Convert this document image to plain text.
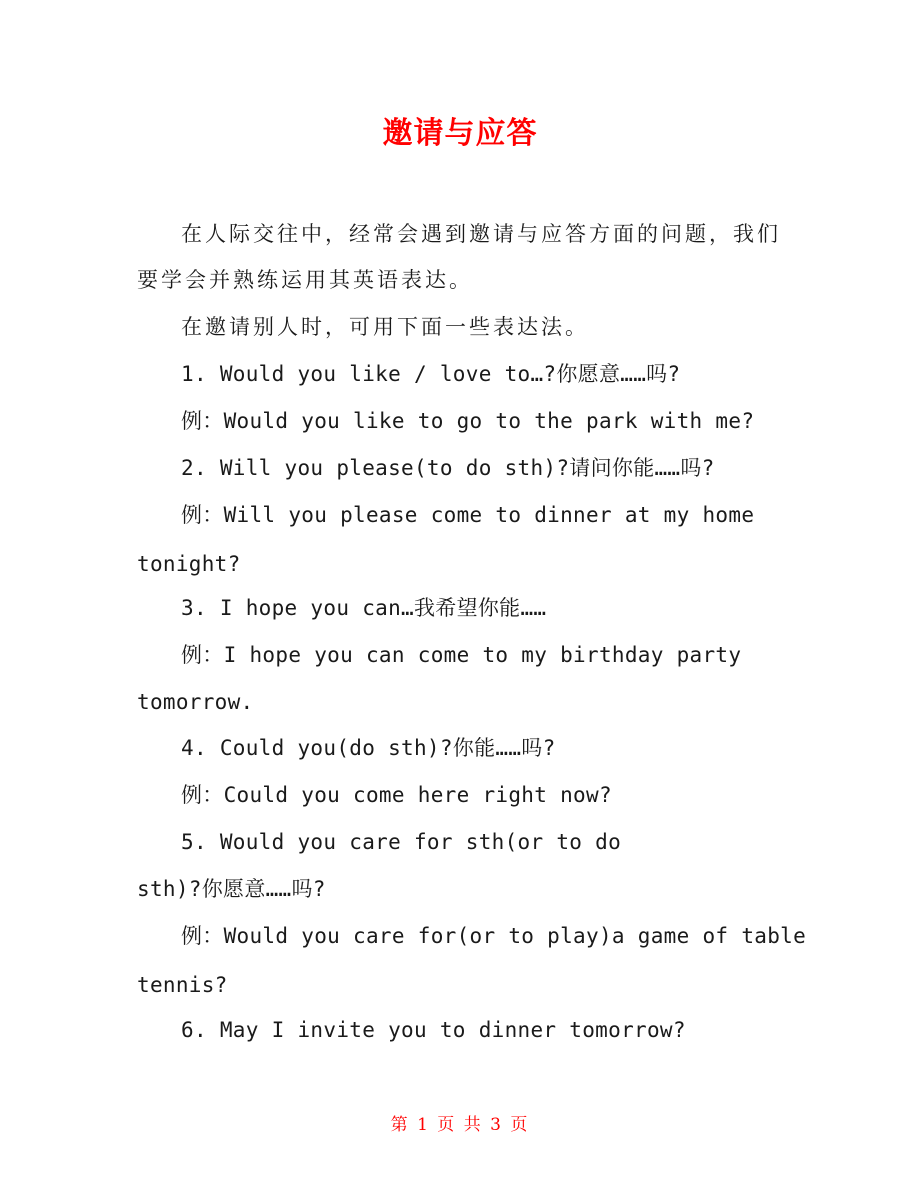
邀请与应答
在人际交往中，经常会遇到邀请与应答方面的问题，我们
要学会并熟练运用其英语表达。
在邀请别人时，可用下面一些表达法。
1. Would you like / love to…?你愿意……吗?
例：Would you like to go to the park with me?
2. Will you please(to do sth)?请问你能……吗?
例：Will you please come to dinner at my home
tonight?
3. I hope you can…我希望你能……
例：I hope you can come to my birthday party
tomorrow.
4. Could you(do sth)?你能……吗?
例：Could you come here right now?
5. Would you care for sth(or to do
sth)?你愿意……吗?
例：Would you care for(or to play)a game of table
tennis?
6. May I invite you to dinner tomorrow?
第 1 页 共 3 页
